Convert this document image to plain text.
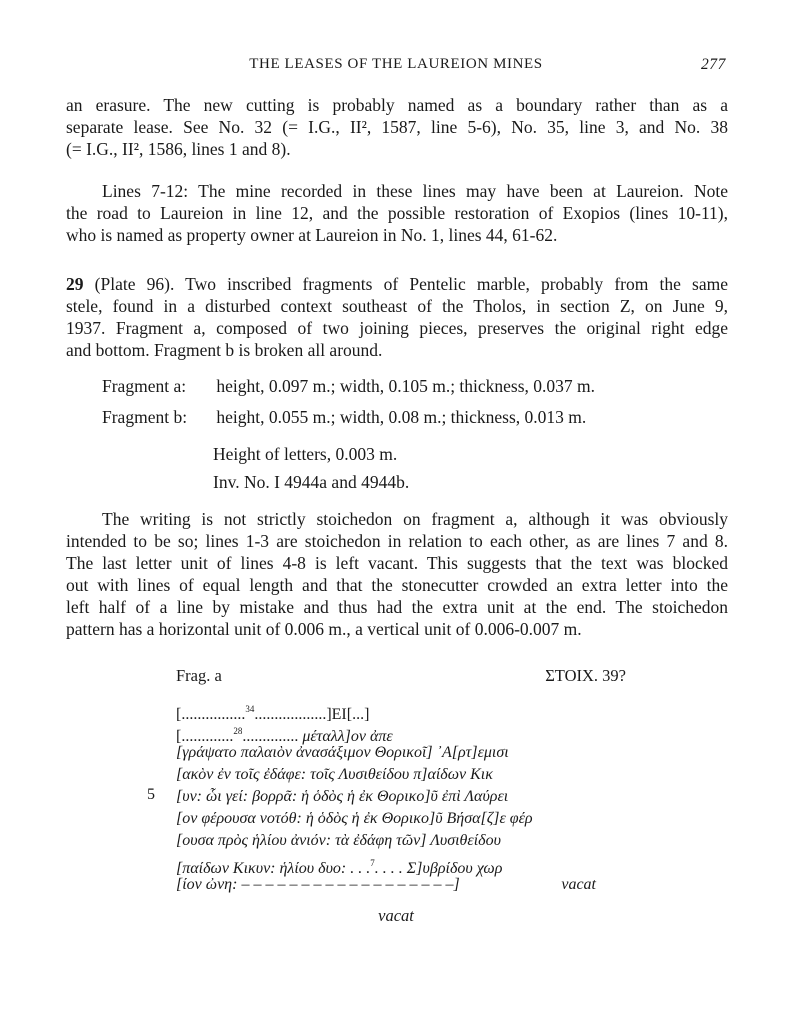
THE LEASES OF THE LAUREION MINES	277

an erasure. The new cutting is probably named as a boundary rather than as a
separate lease. See No. 32 (= I.G., II², 1587, line 5-6), No. 35, line 3, and No. 38
(= I.G., II², 1586, lines 1 and 8).

Lines 7-12: The mine recorded in these lines may have been at Laureion. Note
the road to Laureion in line 12, and the possible restoration of Exopios (lines 10-11),
who is named as property owner at Laureion in No. 1, lines 44, 61-62.

29 (Plate 96). Two inscribed fragments of Pentelic marble, probably from the same
stele, found in a disturbed context southeast of the Tholos, in section Z, on June 9,
1937. Fragment a, composed of two joining pieces, preserves the original right edge
and bottom. Fragment b is broken all around.

Fragment a: height, 0.097 m.; width, 0.105 m.; thickness, 0.037 m.
Fragment b: height, 0.055 m.; width, 0.08 m.; thickness, 0.013 m.
Height of letters, 0.003 m.
Inv. No. I 4944a and 4944b.

The writing is not strictly stoichedon on fragment a, although it was obviously
intended to be so; lines 1-3 are stoichedon in relation to each other, as are lines 7 and 8.
The last letter unit of lines 4-8 is left vacant. This suggests that the text was blocked
out with lines of equal length and that the stonecutter crowded an extra letter into the
left half of a line by mistake and thus had the extra unit at the end. The stoichedon
pattern has a horizontal unit of 0.006 m., a vertical unit of 0.006-0.007 m.

Frag. a	ΣΤΟΙΧ. 39?
[................$^{34}$..................]ΕΙ[...]
[.............$^{28}$.............. μέταλλ]ον ἀπε
[γράψατο παλαιὸν ἀνασάξιμον Θορικοῖ] ᾿Α[ρτ]εμισι
[ακὸν ἐν τοῖς ἐδάφε: τοῖς Λυσιθείδου π]αίδων Κικ
5 [υν: ὧι γεί: βορρᾶ: ἡ ὁδὸς ἡ ἐκ Θορικο]ῦ ἐπὶ Λαύρει
[ον φέρουσα νοτόθ: ἡ ὁδὸς ἡ ἐκ Θορικο]ῦ Βήσα[ζ]ε φέρ
[ουσα πρὸς ἡλίου ἀνιόν: τὰ ἐδάφη τῶν] Λυσιθείδου
[παίδων Κικυν: ἡλίου δυο: . . .$^7$. . . . Σ]υβρίδου χωρ
[ίον ὠνη: – – – – – – – – – – – – – – – – – –]	vacat
vacat
